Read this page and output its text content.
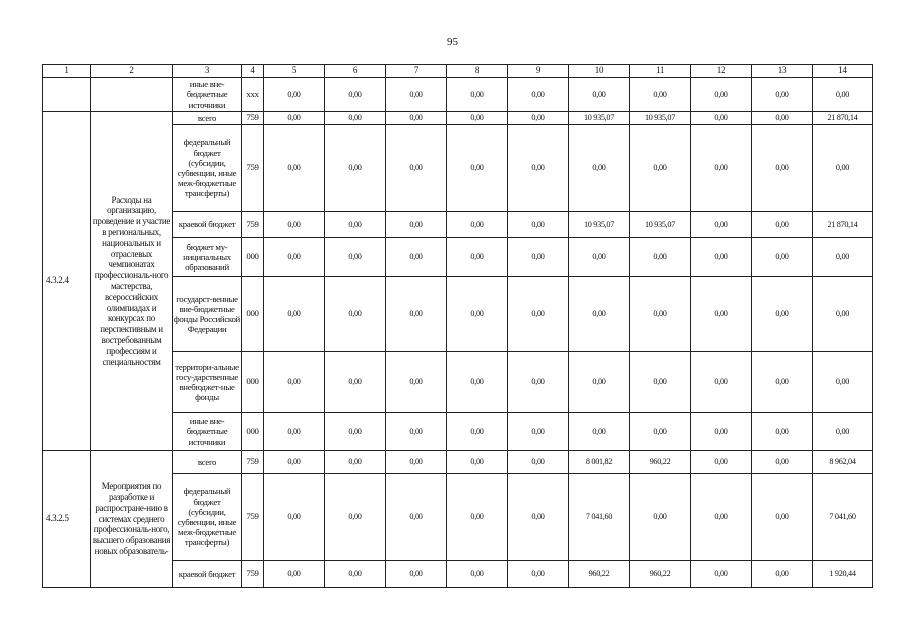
95
1	2	3	4	5	6	7	8	9	10	11	12	13	14
		иные вне-бюджетные источники	ххх	0,00	0,00	0,00	0,00	0,00	0,00	0,00	0,00	0,00	0,00
4.3.2.4	Расходы на организацию, проведение и участие в региональных, национальных и отраслевых чемпионатах профессиональ-ного мастерства, всероссийских олимпиадах и конкурсах по перспективным и востребованным профессиям и специальностям	всего	759	0,00	0,00	0,00	0,00	0,00	10 935,07	10 935,07	0,00	0,00	21 870,14
		федеральный бюджет (субсидии, субвенции, иные меж-бюджетные трансферты)	759	0,00	0,00	0,00	0,00	0,00	0,00	0,00	0,00	0,00	0,00
		краевой бюджет	759	0,00	0,00	0,00	0,00	0,00	10 935,07	10 935,07	0,00	0,00	21 870,14
		бюджет му-ниципальных образований	000	0,00	0,00	0,00	0,00	0,00	0,00	0,00	0,00	0,00	0,00
		государст-венные вне-бюджетные фонды Российской Федерации	000	0,00	0,00	0,00	0,00	0,00	0,00	0,00	0,00	0,00	0,00
		территори-альные госу-дарственные внебюджет-ные фонды	000	0,00	0,00	0,00	0,00	0,00	0,00	0,00	0,00	0,00	0,00
		иные вне-бюджетные источники	000	0,00	0,00	0,00	0,00	0,00	0,00	0,00	0,00	0,00	0,00
4.3.2.5	Мероприятия по разработке и распростране-нию в системах среднего профессиональ-ного, высшего образования новых образователь-	всего	759	0,00	0,00	0,00	0,00	0,00	8 001,82	960,22	0,00	0,00	8 962,04
		федеральный бюджет (субсидии, субвенции, иные меж-бюджетные трансферты)	759	0,00	0,00	0,00	0,00	0,00	7 041,60	0,00	0,00	0,00	7 041,60
		краевой бюджет	759	0,00	0,00	0,00	0,00	0,00	960,22	960,22	0,00	0,00	1 920,44
